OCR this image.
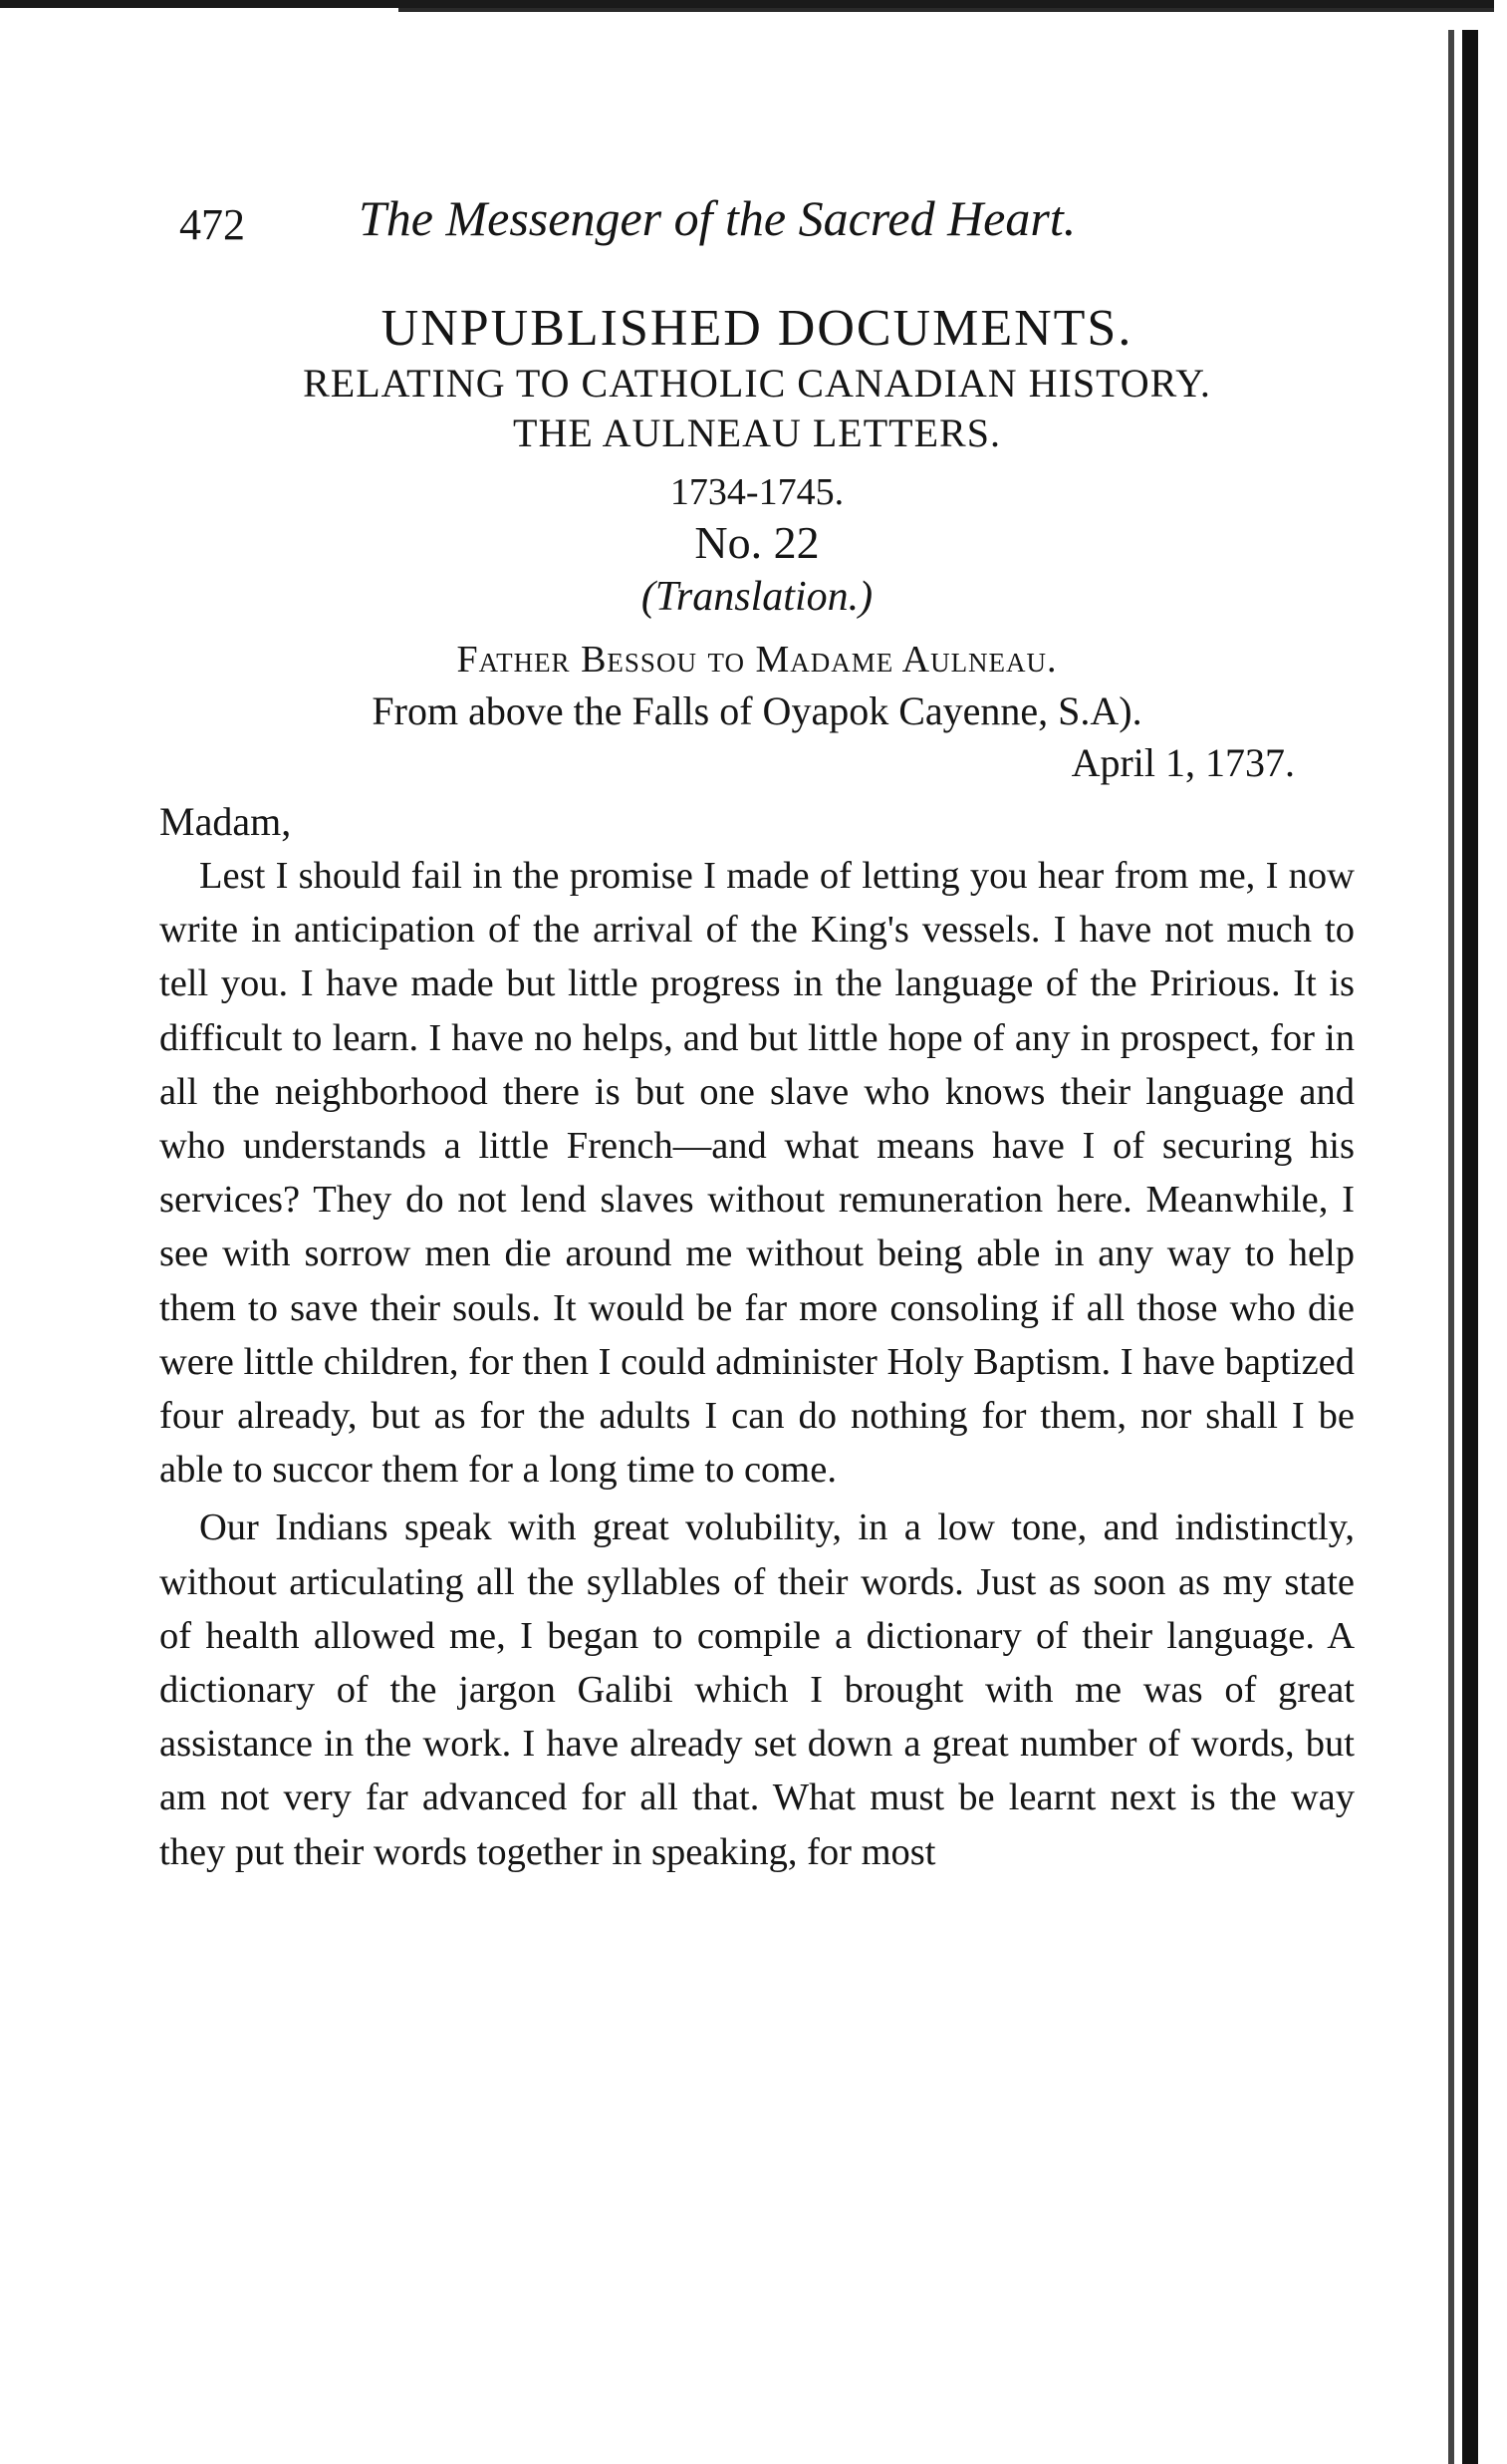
472 The Messenger of the Sacred Heart.
UNPUBLISHED DOCUMENTS.
RELATING TO CATHOLIC CANADIAN HISTORY.
THE AULNEAU LETTERS.
1734-1745.
No. 22
(Translation.)
Father Bessou to Madame Aulneau.
From above the Falls of Oyapok Cayenne, S.A).
April 1, 1737.
Madam,

Lest I should fail in the promise I made of letting you hear from me, I now write in anticipation of the arrival of the King's vessels. I have not much to tell you. I have made but little progress in the language of the Pririous. It is difficult to learn. I have no helps, and but little hope of any in prospect, for in all the neighborhood there is but one slave who knows their language and who understands a little French—and what means have I of securing his services? They do not lend slaves without remuneration here. Meanwhile, I see with sorrow men die around me without being able in any way to help them to save their souls. It would be far more consoling if all those who die were little children, for then I could administer Holy Baptism. I have baptized four already, but as for the adults I can do nothing for them, nor shall I be able to succor them for a long time to come.

Our Indians speak with great volubility, in a low tone, and indistinctly, without articulating all the syllables of their words. Just as soon as my state of health allowed me, I began to compile a dictionary of their language. A dictionary of the jargon Galibi which I brought with me was of great assistance in the work. I have already set down a great number of words, but am not very far advanced for all that. What must be learnt next is the way they put their words together in speaking, for most
